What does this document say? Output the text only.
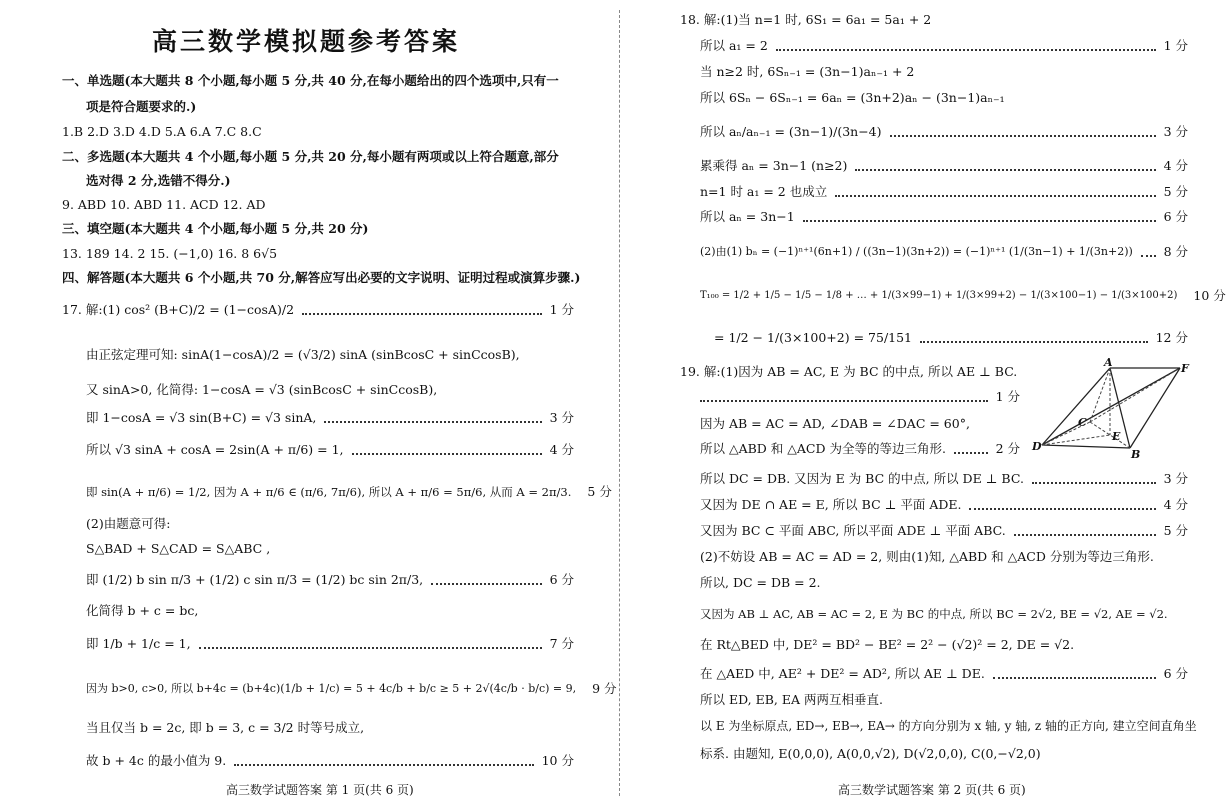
高三数学模拟题参考答案
一、单选题(本大题共 8 个小题,每小题 5 分,共 40 分,在每小题给出的四个选项中,只有一
项是符合题要求的.)
1.B 2.D 3.D 4.D 5.A 6.A 7.C 8.C
二、多选题(本大题共 4 个小题,每小题 5 分,共 20 分,每小题有两项或以上符合题意,部分
选对得 2 分,选错不得分.)
9. ABD 10. ABD 11. ACD 12. AD
三、填空题(本大题共 4 个小题,每小题 5 分,共 20 分)
13. 189 14. 2 15. (−1,0) 16. 8 6√5
四、解答题(本大题共 6 个小题,共 70 分,解答应写出必要的文字说明、证明过程或演算步骤.)
17. 解:(1) cos² (B+C)/2 = (1−cosA)/2	1 分
由正弦定理可知: sinA(1−cosA)/2 = (√3/2) sinA (sinBcosC + sinCcosB),
又 sinA>0, 化简得: 1−cosA = √3 (sinBcosC + sinCcosB),
即 1−cosA = √3 sin(B+C) = √3 sinA,	3 分
所以 √3 sinA + cosA = 2sin(A + π/6) = 1,	4 分
即 sin(A + π/6) = 1/2, 因为 A + π/6 ∈ (π/6, 7π/6), 所以 A + π/6 = 5π/6, 从而 A = 2π/3. 5 分
(2)由题意可得:
S△BAD + S△CAD = S△ABC ,
即 (1/2) b sin π/3 + (1/2) c sin π/3 = (1/2) bc sin 2π/3,	6 分
化简得 b + c = bc,
即 1/b + 1/c = 1,	7 分
因为 b>0, c>0, 所以 b+4c = (b+4c)(1/b + 1/c) = 5 + 4c/b + b/c ≥ 5 + 2√(4c/b · b/c) = 9, 9 分
当且仅当 b = 2c, 即 b = 3, c = 3/2 时等号成立,
故 b + 4c 的最小值为 9.	10 分
高三数学试题答案 第 1 页(共 6 页)
18. 解:(1)当 n=1 时, 6S₁ = 6a₁ = 5a₁ + 2
所以 a₁ = 2	1 分
当 n≥2 时, 6Sₙ₋₁ = (3n−1)aₙ₋₁ + 2
所以 6Sₙ − 6Sₙ₋₁ = 6aₙ = (3n+2)aₙ − (3n−1)aₙ₋₁
所以 aₙ/aₙ₋₁ = (3n−1)/(3n−4)	3 分
累乘得 aₙ = 3n−1 (n≥2)	4 分
n=1 时 a₁ = 2 也成立	5 分
所以 aₙ = 3n−1	6 分
(2)由(1) bₙ = (−1)ⁿ⁺¹(6n+1) / ((3n−1)(3n+2)) = (−1)ⁿ⁺¹ (1/(3n−1) + 1/(3n+2)) 8 分
T₁₀₀ = 1/2 + 1/5 − 1/5 − 1/8 + … + 1/(3×99−1) + 1/(3×99+2) − 1/(3×100−1) − 1/(3×100+2) 10 分
= 1/2 − 1/(3×100+2) = 75/151	12 分
19. 解:(1)因为 AB = AC, E 为 BC 的中点, 所以 AE ⊥ BC.
1 分
因为 AB = AC = AD, ∠DAB = ∠DAC = 60°,
所以 △ABD 和 △ACD 为全等的等边三角形.	2 分
所以 DC = DB. 又因为 E 为 BC 的中点, 所以 DE ⊥ BC.	3 分
又因为 DE ∩ AE = E, 所以 BC ⊥ 平面 ADE.	4 分
又因为 BC ⊂ 平面 ABC, 所以平面 ADE ⊥ 平面 ABC.	5 分
(2)不妨设 AB = AC = AD = 2, 则由(1)知, △ABD 和 △ACD 分别为等边三角形.
所以, DC = DB = 2.
又因为 AB ⊥ AC, AB = AC = 2, E 为 BC 的中点, 所以 BC = 2√2, BE = √2, AE = √2.
在 Rt△BED 中, DE² = BD² − BE² = 2² − (√2)² = 2, DE = √2.
在 △AED 中, AE² + DE² = AD², 所以 AE ⊥ DE.	6 分
所以 ED, EB, EA 两两互相垂直.
以 E 为坐标原点, ED→, EB→, EA→ 的方向分别为 x 轴, y 轴, z 轴的正方向, 建立空间直角坐
标系. 由题知, E(0,0,0), A(0,0,√2), D(√2,0,0), C(0,−√2,0)
A	F
C
E
D
B
高三数学试题答案 第 2 页(共 6 页)
